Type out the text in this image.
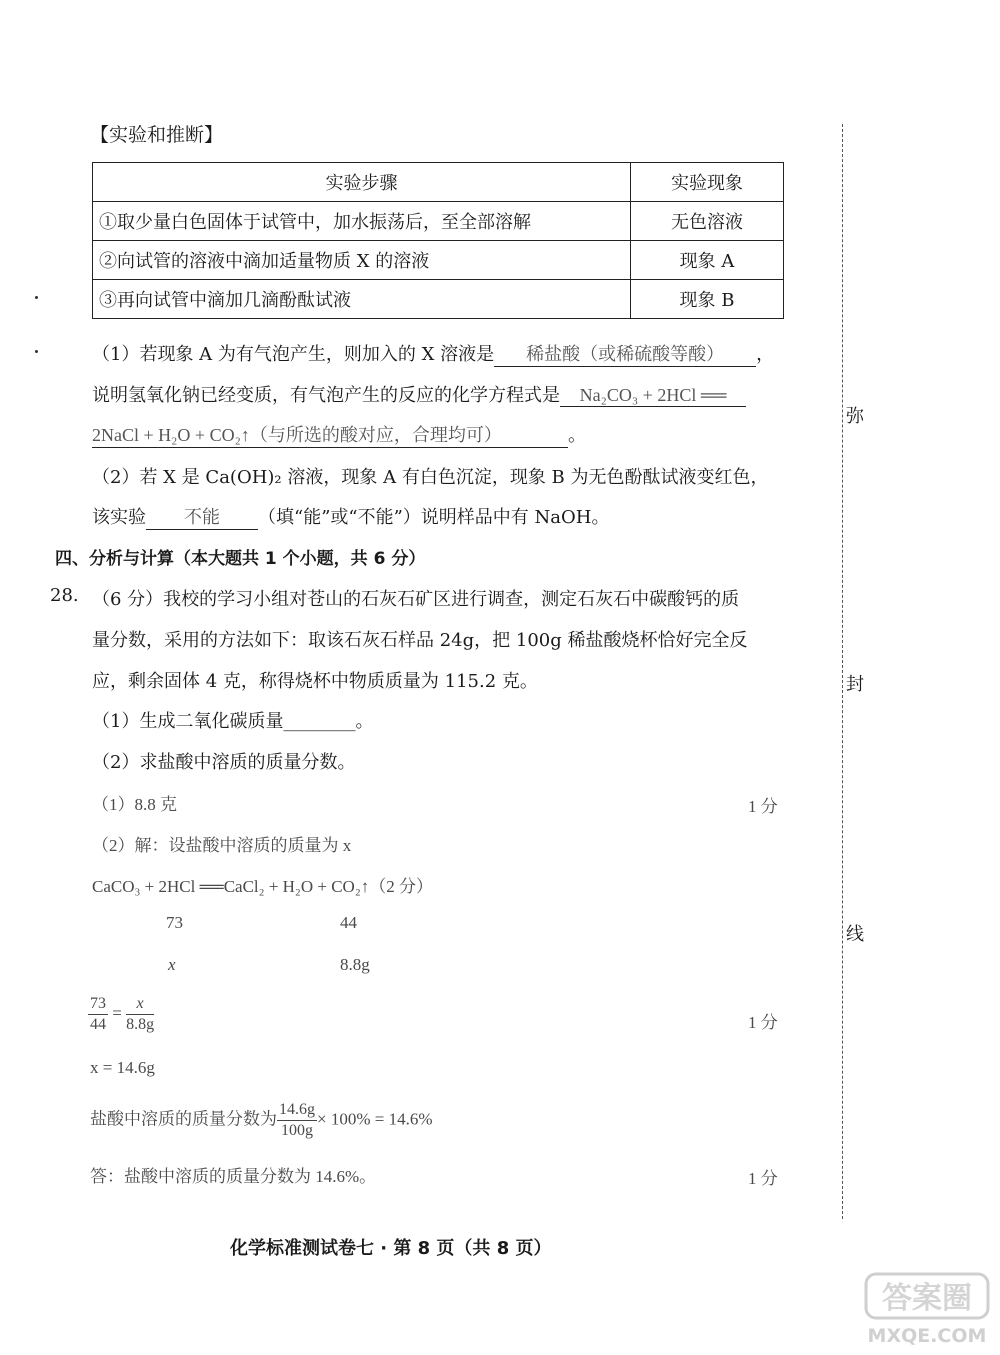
【实验和推断】
实验步骤	实验现象
①取少量白色固体于试管中，加水振荡后，至全部溶解	无色溶液
②向试管的溶液中滴加适量物质 X 的溶液	现象 A
③再向试管中滴加几滴酚酞试液	现象 B
（1）若现象 A 为有气泡产生，则加入的 X 溶液是 稀盐酸（或稀硫酸等酸） ，
说明氢氧化钠已经变质，有气泡产生的反应的化学方程式是 Na₂CO₃ + 2HCl ══
2NaCl + H₂O + CO₂↑（与所选的酸对应，合理均可）	。
（2）若 X 是 Ca(OH)₂ 溶液，现象 A 有白色沉淀，现象 B 为无色酚酞试液变红色，
该实验 不能 （填“能”或“不能”）说明样品中有 NaOH。
四、分析与计算（本大题共 1 个小题，共 6 分）
28. （6 分）我校的学习小组对苍山的石灰石矿区进行调查，测定石灰石中碳酸钙的质
量分数，采用的方法如下：取该石灰石样品 24g，把 100g 稀盐酸烧杯恰好完全反
应，剩余固体 4 克，称得烧杯中物质质量为 115.2 克。
（1）生成二氧化碳质量________。
（2）求盐酸中溶质的质量分数。
（1）8.8 克	1 分
（2）解：设盐酸中溶质的质量为 x
CaCO₃ + 2HCl ══CaCl₂ + H₂O + CO₂↑（2 分）
73	44
x	8.8g
$\frac{73}{44} = \frac{x}{8.8g}$	1 分
x = 14.6g
盐酸中溶质的质量分数为 $\frac{14.6g}{100g} \times 100\% = 14.6\%$
答：盐酸中溶质的质量分数为 14.6%。	1 分
弥
封
线
化学标准测试卷七 · 第 8 页（共 8 页）
答案圈
MXQE.COM
